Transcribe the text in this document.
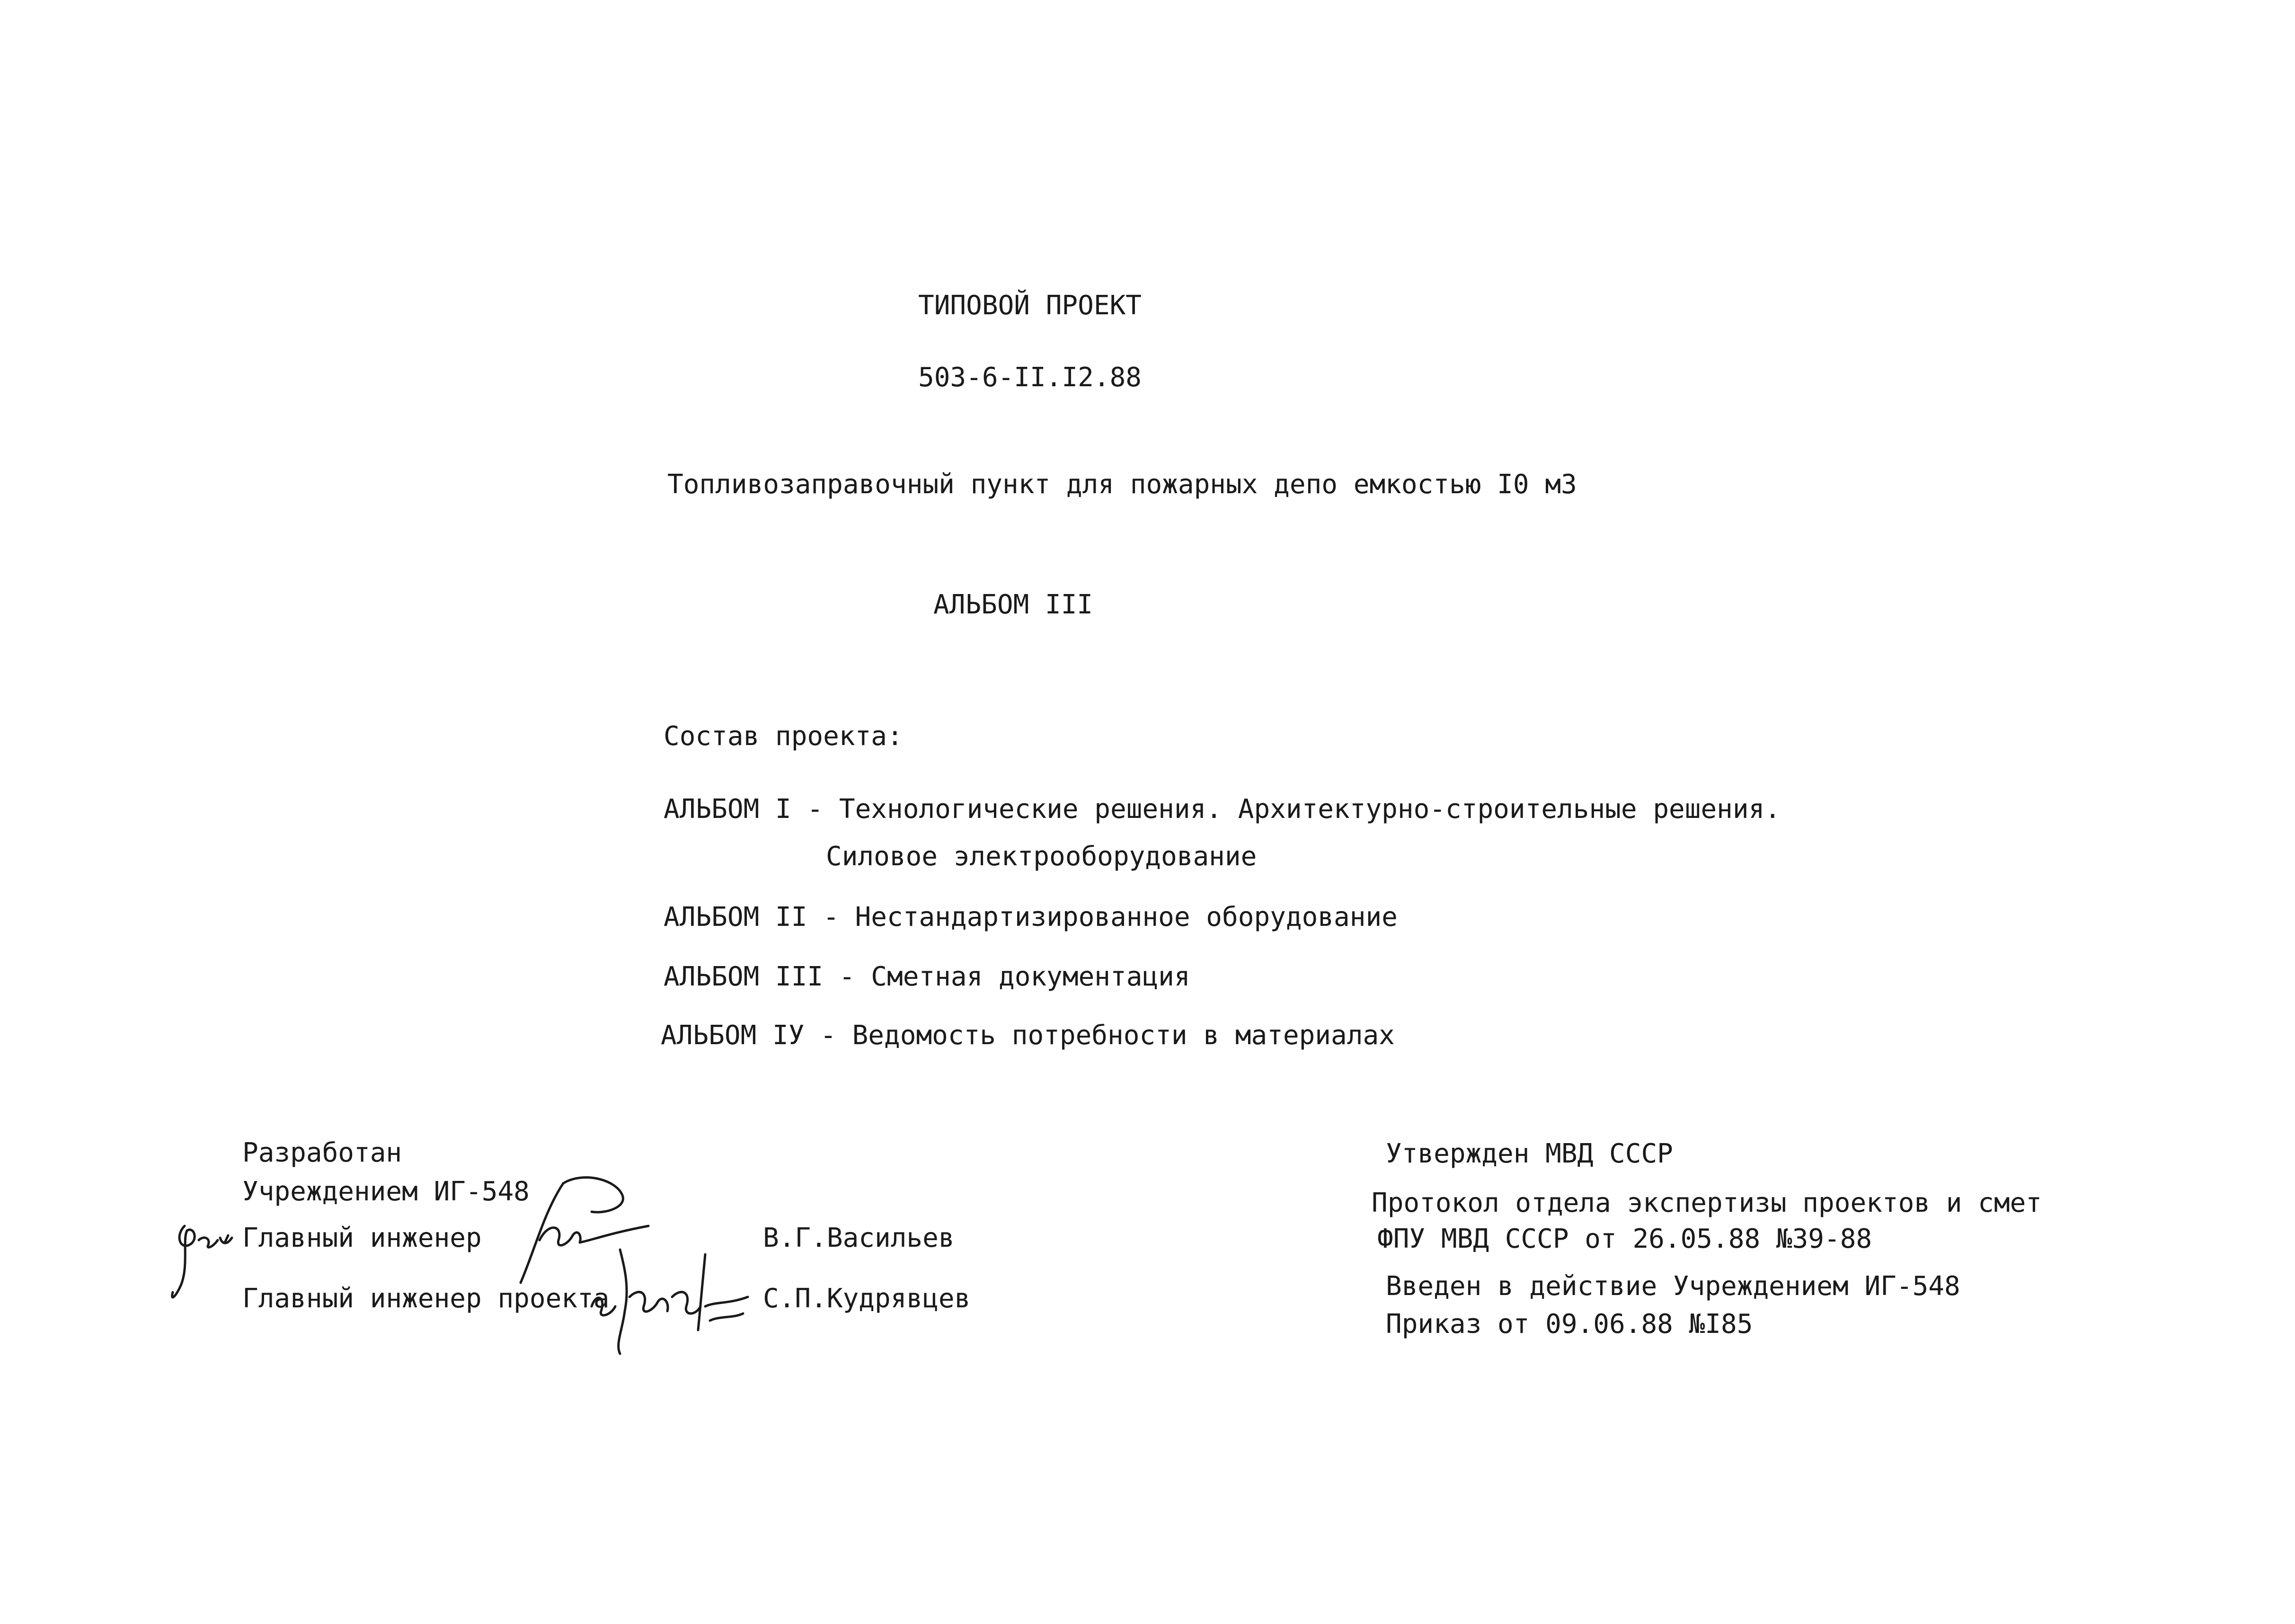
ТИПОВОЙ ПРОЕКТ
503-6-II.I2.88
Топливозаправочный пункт для пожарных депо емкостью I0 м3
АЛЬБОМ III
Состав проекта:
АЛЬБОМ I - Технологические решения. Архитектурно-строительные решения.
Силовое электрооборудование
АЛЬБОМ II - Нестандартизированное оборудование
АЛЬБОМ III - Сметная документация
АЛЬБОМ IУ - Ведомость потребности в материалах
Разработан
Учреждением ИГ-548
Главный инженер	В.Г.Васильев
Главный инженер проекта	С.П.Кудрявцев
Утвержден МВД СССР
Протокол отдела экспертизы проектов и смет
ФПУ МВД СССР от 26.05.88 №39-88
Введен в действие Учреждением ИГ-548
Приказ от 09.06.88 №I85
